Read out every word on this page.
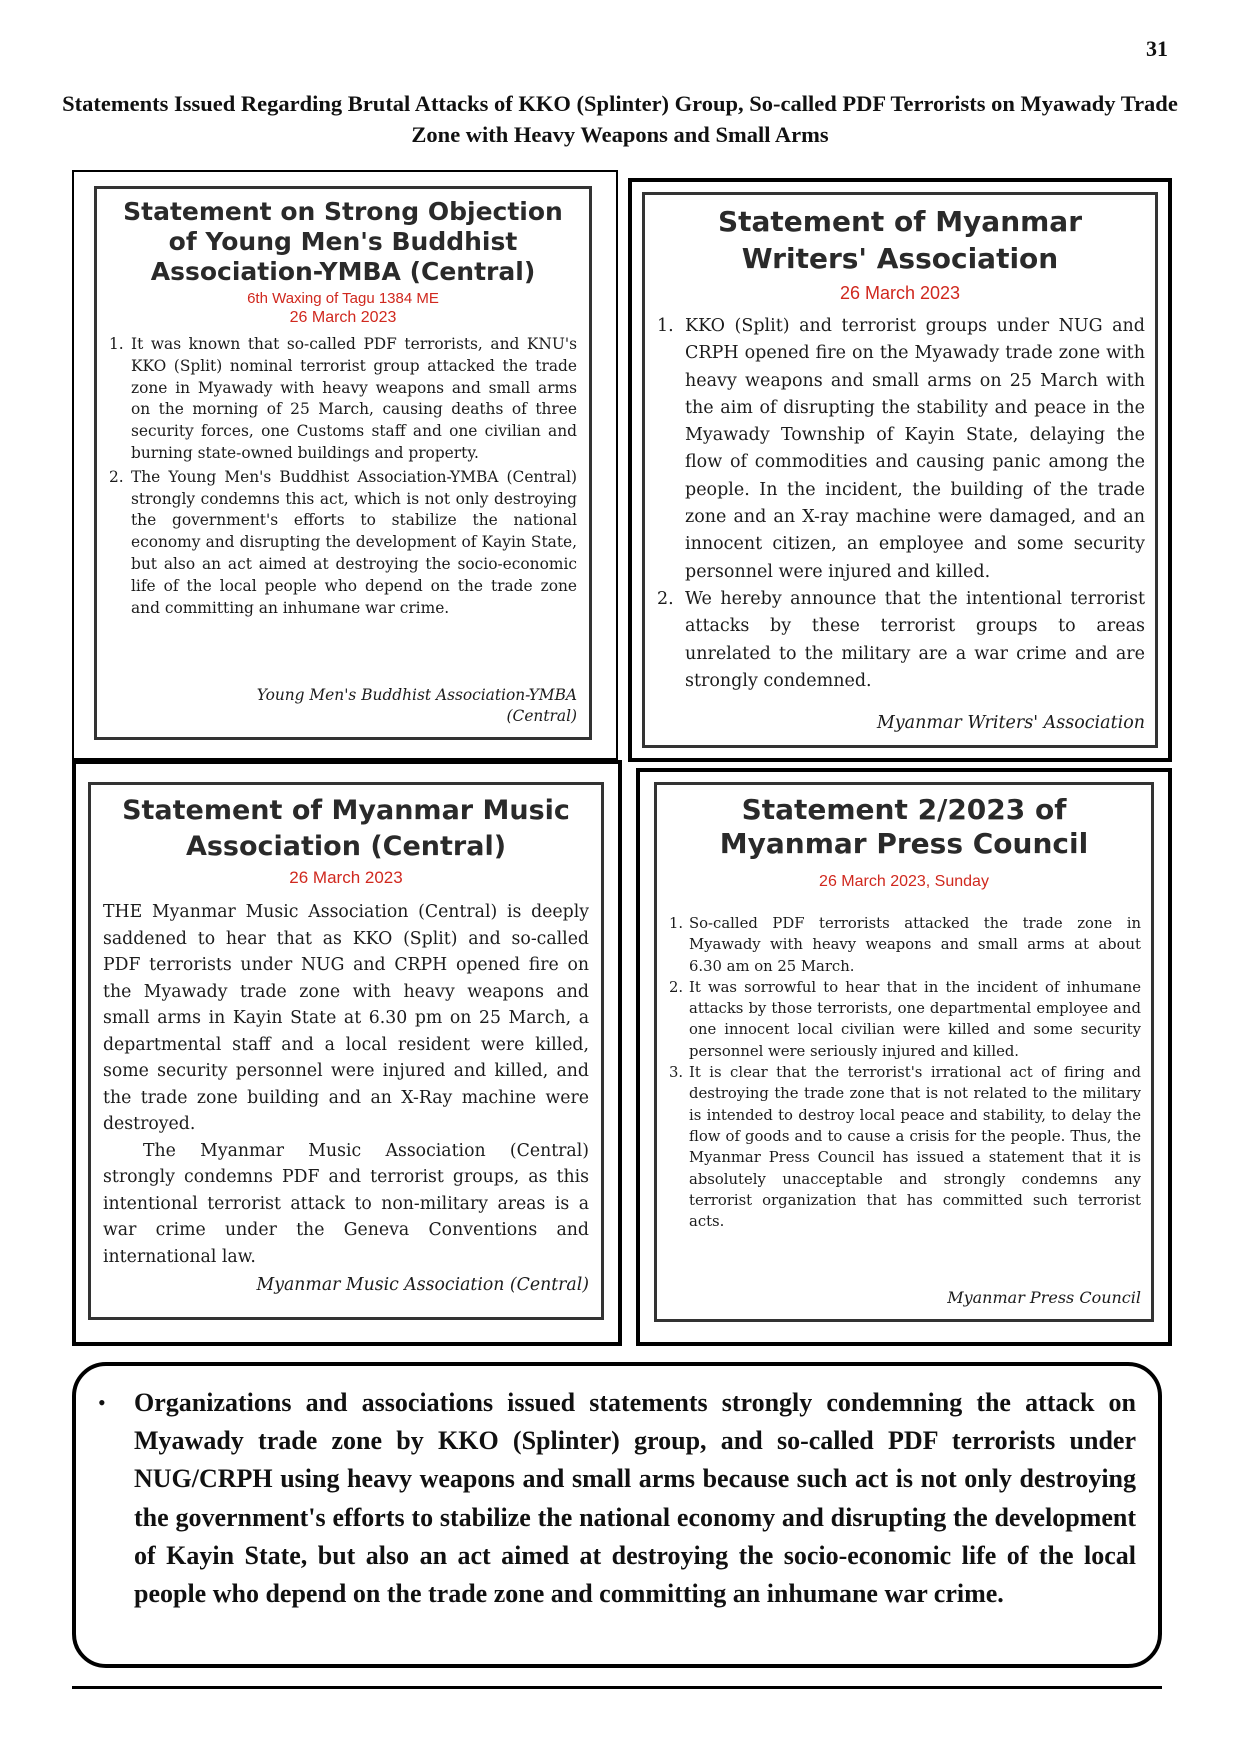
31
Statements Issued Regarding Brutal Attacks of KKO (Splinter) Group, So-called PDF Terrorists on Myawady Trade Zone with Heavy Weapons and Small Arms
Statement on Strong Objection of Young Men's Buddhist Association-YMBA (Central)
6th Waxing of Tagu 1384 ME
26 March 2023
1. It was known that so-called PDF terrorists, and KNU's KKO (Split) nominal terrorist group attacked the trade zone in Myawady with heavy weapons and small arms on the morning of 25 March, causing deaths of three security forces, one Customs staff and one civilian and burning state-owned buildings and property.
2. The Young Men's Buddhist Association-YMBA (Central) strongly condemns this act, which is not only destroying the government's efforts to stabilize the national economy and disrupting the development of Kayin State, but also an act aimed at destroying the socio-economic life of the local people who depend on the trade zone and committing an inhumane war crime.
Young Men's Buddhist Association-YMBA (Central)
Statement of Myanmar Writers' Association
26 March 2023
1. KKO (Split) and terrorist groups under NUG and CRPH opened fire on the Myawady trade zone with heavy weapons and small arms on 25 March with the aim of disrupting the stability and peace in the Myawady Township of Kayin State, delaying the flow of commodities and causing panic among the people. In the incident, the building of the trade zone and an X-ray machine were damaged, and an innocent citizen, an employee and some security personnel were injured and killed.
2. We hereby announce that the intentional terrorist attacks by these terrorist groups to areas unrelated to the military are a war crime and are strongly condemned.
Myanmar Writers' Association
Statement of Myanmar Music Association (Central)
26 March 2023
THE Myanmar Music Association (Central) is deeply saddened to hear that as KKO (Split) and so-called PDF terrorists under NUG and CRPH opened fire on the Myawady trade zone with heavy weapons and small arms in Kayin State at 6.30 pm on 25 March, a departmental staff and a local resident were killed, some security personnel were injured and killed, and the trade zone building and an X-Ray machine were destroyed.
The Myanmar Music Association (Central) strongly condemns PDF and terrorist groups, as this intentional terrorist attack to non-military areas is a war crime under the Geneva Conventions and international law.
Myanmar Music Association (Central)
Statement 2/2023 of
Myanmar Press Council
26 March 2023, Sunday
1. So-called PDF terrorists attacked the trade zone in Myawady with heavy weapons and small arms at about 6.30 am on 25 March.
2. It was sorrowful to hear that in the incident of inhumane attacks by those terrorists, one departmental employee and one innocent local civilian were killed and some security personnel were seriously injured and killed.
3. It is clear that the terrorist's irrational act of firing and destroying the trade zone that is not related to the military is intended to destroy local peace and stability, to delay the flow of goods and to cause a crisis for the people. Thus, the Myanmar Press Council has issued a statement that it is absolutely unacceptable and strongly condemns any terrorist organization that has committed such terrorist acts.
Myanmar Press Council
• Organizations and associations issued statements strongly condemning the attack on Myawady trade zone by KKO (Splinter) group, and so-called PDF terrorists under NUG/CRPH using heavy weapons and small arms because such act is not only destroying the government's efforts to stabilize the national economy and disrupting the development of Kayin State, but also an act aimed at destroying the socio-economic life of the local people who depend on the trade zone and committing an inhumane war crime.
